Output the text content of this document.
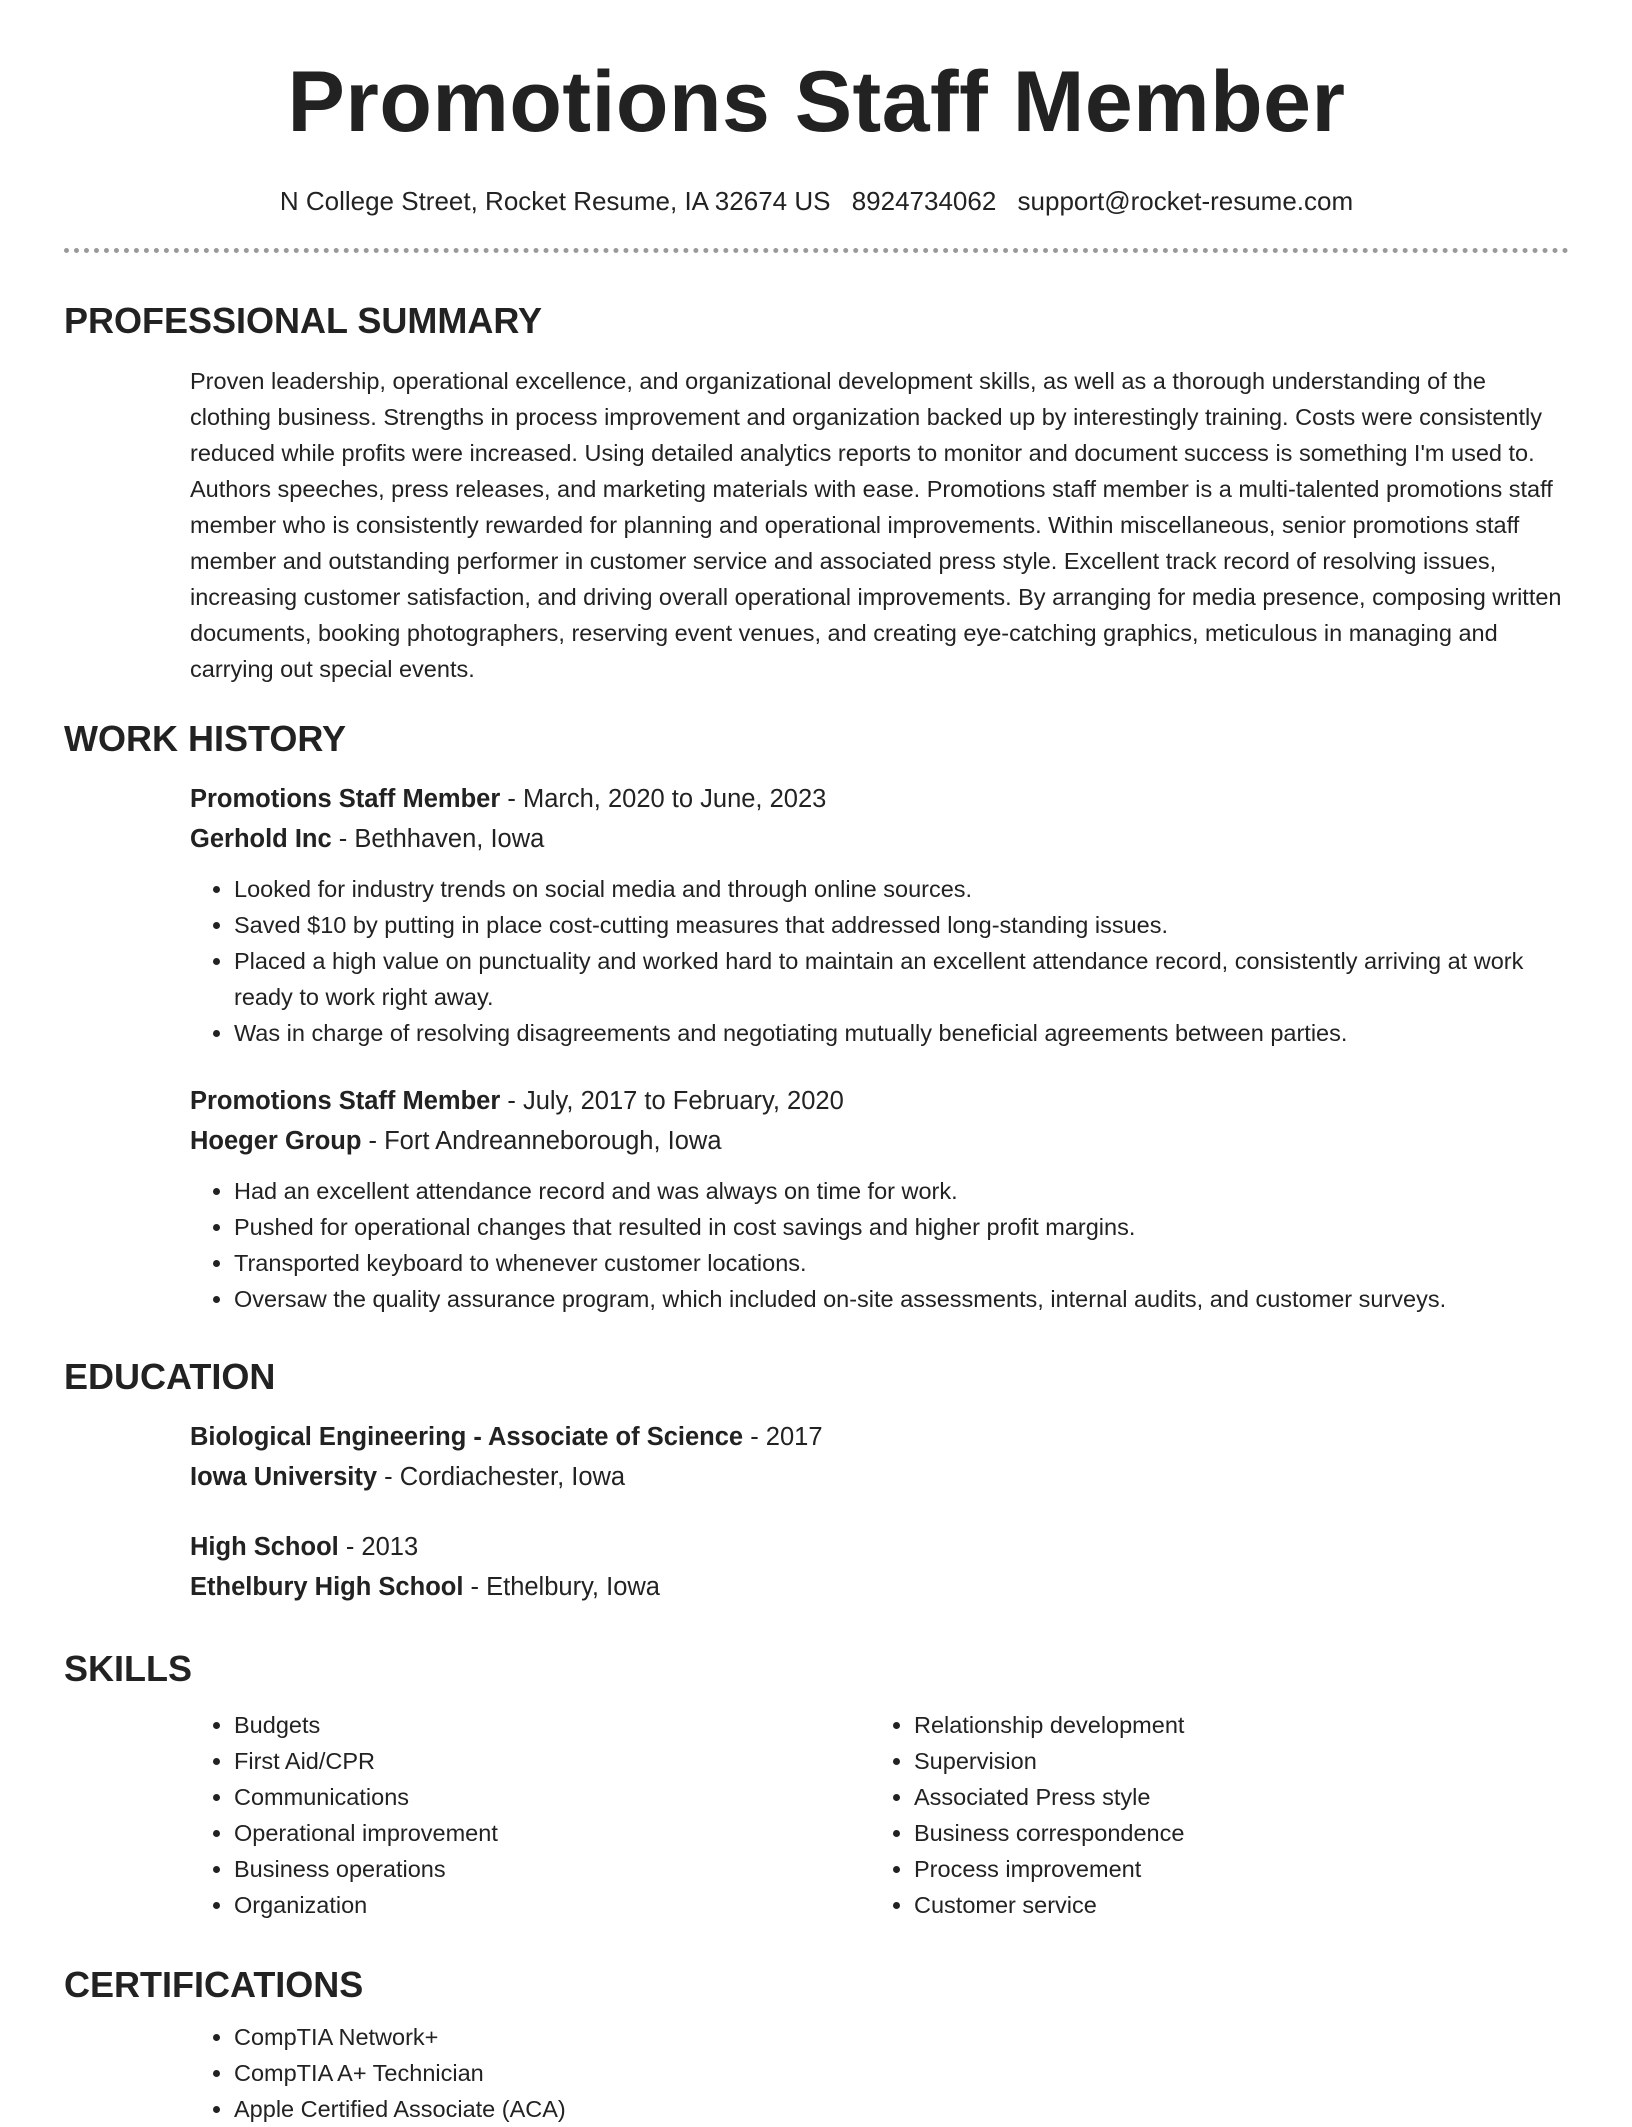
Promotions Staff Member
N College Street, Rocket Resume, IA 32674 US 8924734062 support@rocket-resume.com
PROFESSIONAL SUMMARY
Proven leadership, operational excellence, and organizational development skills, as well as a thorough understanding of the clothing business. Strengths in process improvement and organization backed up by interestingly training. Costs were consistently reduced while profits were increased. Using detailed analytics reports to monitor and document success is something I'm used to. Authors speeches, press releases, and marketing materials with ease. Promotions staff member is a multi-talented promotions staff member who is consistently rewarded for planning and operational improvements. Within miscellaneous, senior promotions staff member and outstanding performer in customer service and associated press style. Excellent track record of resolving issues, increasing customer satisfaction, and driving overall operational improvements. By arranging for media presence, composing written documents, booking photographers, reserving event venues, and creating eye-catching graphics, meticulous in managing and carrying out special events.
WORK HISTORY
Promotions Staff Member - March, 2020 to June, 2023
Gerhold Inc - Bethhaven, Iowa
• Looked for industry trends on social media and through online sources.
• Saved $10 by putting in place cost-cutting measures that addressed long-standing issues.
• Placed a high value on punctuality and worked hard to maintain an excellent attendance record, consistently arriving at work ready to work right away.
• Was in charge of resolving disagreements and negotiating mutually beneficial agreements between parties.
Promotions Staff Member - July, 2017 to February, 2020
Hoeger Group - Fort Andreanneborough, Iowa
• Had an excellent attendance record and was always on time for work.
• Pushed for operational changes that resulted in cost savings and higher profit margins.
• Transported keyboard to whenever customer locations.
• Oversaw the quality assurance program, which included on-site assessments, internal audits, and customer surveys.
EDUCATION
Biological Engineering - Associate of Science - 2017
Iowa University - Cordiachester, Iowa
High School - 2013
Ethelbury High School - Ethelbury, Iowa
SKILLS
• Budgets
• First Aid/CPR
• Communications
• Operational improvement
• Business operations
• Organization
• Relationship development
• Supervision
• Associated Press style
• Business correspondence
• Process improvement
• Customer service
CERTIFICATIONS
• CompTIA Network+
• CompTIA A+ Technician
• Apple Certified Associate (ACA)
